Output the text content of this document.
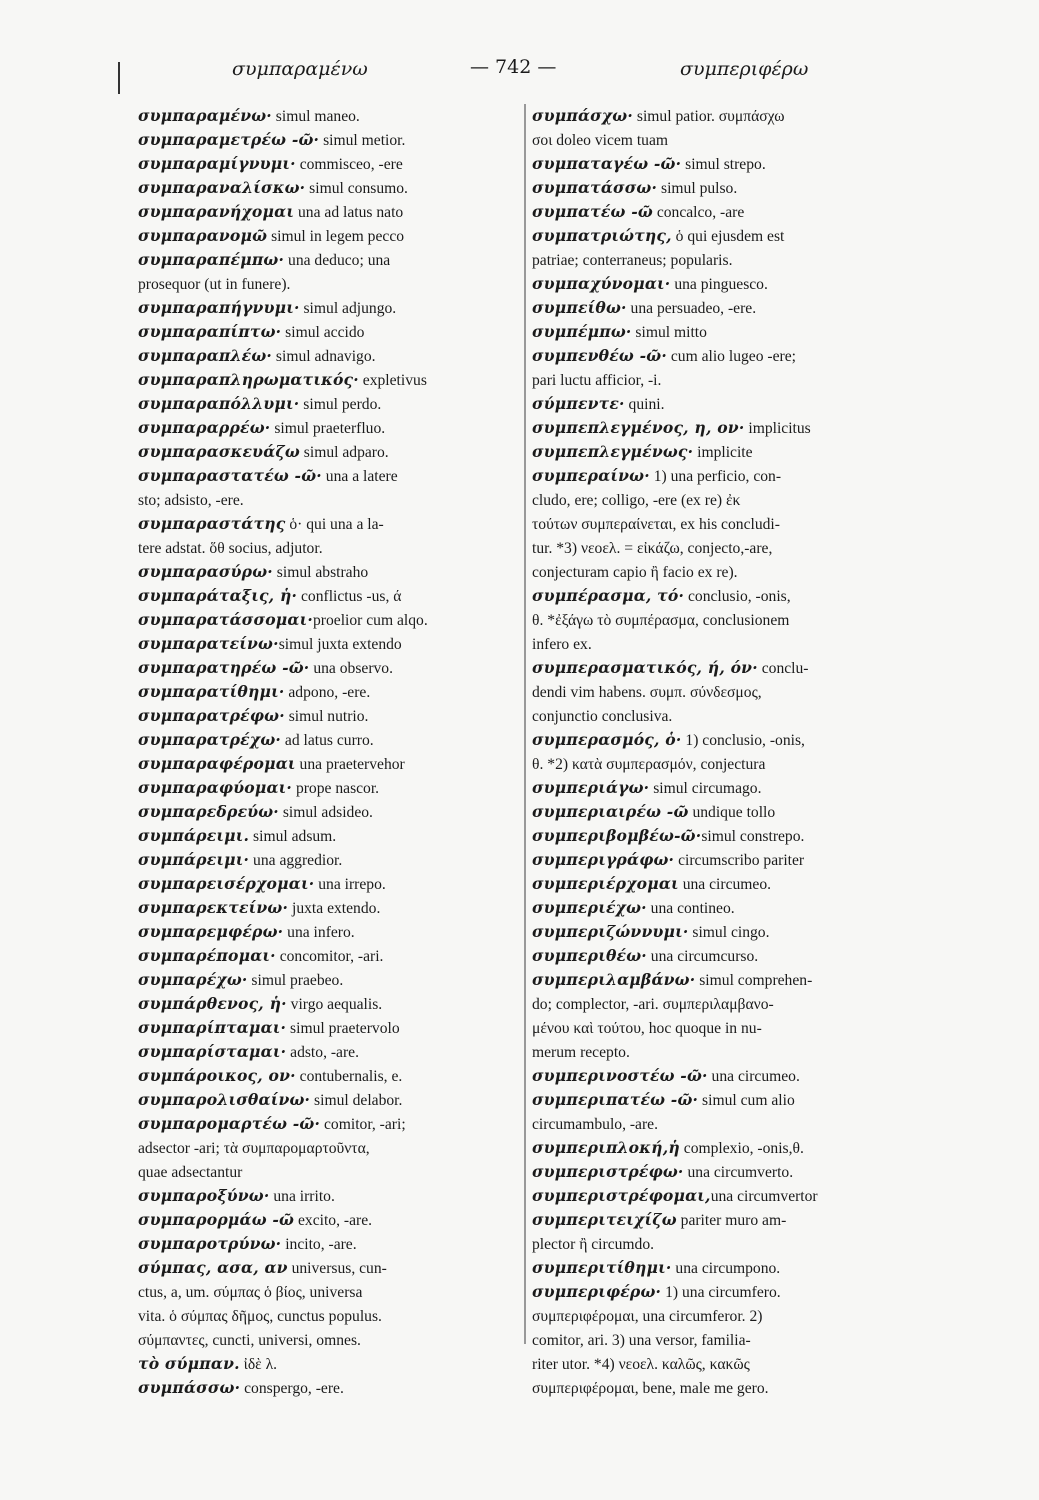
συμπαραμένω	— 742 —	συμπεριφέρω
συμπαραμένω· simul maneo.
συμπαραμετρέω -ῶ· simul metior.
συμπαραμίγνυμι· commisceo, -ere
συμπαραναλίσκω· simul consumo.
συμπαρανήχομαι una ad latus nato
συμπαρανομῶ simul in legem pecco
συμπαραπέμπω· una deduco; una
prosequor (ut in funere).
συμπαραπήγνυμι· simul adjungo.
συμπαραπίπτω· simul accido
συμπαραπλέω· simul adnavigo.
συμπαραπληρωματικός· expletivus
συμπαραπόλλυμι· simul perdo.
συμπαραρρέω· simul praeterfluo.
συμπαρασκευάζω simul adparo.
συμπαραστατέω -ῶ· una a latere
sto; adsisto, -ere.
συμπαραστάτης ὁ· qui una a la-
tere adstat. ὅθ socius, adjutor.
συμπαρασύρω· simul abstraho
συμπαράταξις, ἡ· conflictus -us, ά
συμπαρατάσσομαι·proelior cum alqo.
συμπαρατείνω·simul juxta extendo
συμπαρατηρέω -ῶ· una observo.
συμπαρατίθημι· adpono, -ere.
συμπαρατρέφω· simul nutrio.
συμπαρατρέχω· ad latus curro.
συμπαραφέρομαι una praetervehor
συμπαραφύομαι· prope nascor.
συμπαρεδρεύω· simul adsideo.
συμπάρειμι. simul adsum.
συμπάρειμι· una aggredior.
συμπαρεισέρχομαι· una irrepo.
συμπαρεκτείνω· juxta extendo.
συμπαρεμφέρω· una infero.
συμπαρέπομαι· concomitor, -ari.
συμπαρέχω· simul praebeo.
συμπάρθενος, ἡ· virgo aequalis.
συμπαρίπταμαι· simul praetervolo
συμπαρίσταμαι· adsto, -are.
συμπάροικος, ον· contubernalis, e.
συμπαρολισθαίνω· simul delabor.
συμπαρομαρτέω -ῶ· comitor, -ari;
adsector -ari; τὰ συμπαρομαρτοῦντα,
quae adsectantur
συμπαροξύνω· una irrito.
συμπαρορμάω -ῶ excito, -are.
συμπαροτρύνω· incito, -are.
σύμπας, ασα, αν universus, cun-
ctus, a, um. σύμπας ὁ βίος, universa
vita. ὁ σύμπας δῆμος, cunctus populus.
σύμπαντες, cuncti, universi, omnes.
τὸ σύμπαν. ἰδὲ λ.
συμπάσσω· conspergo, -ere.
συμπάσχω· simul patior. συμπάσχω
σοι doleo vicem tuam
συμπαταγέω -ῶ· simul strepo.
συμπατάσσω· simul pulso.
συμπατέω -ῶ concalco, -are
συμπατριώτης, ὁ qui ejusdem est
patriae; conterraneus; popularis.
συμπαχύνομαι· una pinguesco.
συμπείθω· una persuadeo, -ere.
συμπέμπω· simul mitto
συμπενθέω -ῶ· cum alio lugeo -ere;
pari luctu afficior, -i.
σύμπεντε· quini.
συμπεπλεγμένος, η, ον· implicitus
συμπεπλεγμένως· implicite
συμπεραίνω· 1) una perficio, con-
cludo, ere; colligo, -ere (ex re) ἐκ
τούτων συμπεραίνεται, ex his concludi-
tur. *3) νεοελ. = εἰκάζω, conjecto,-are,
conjecturam capio ἢ facio ex re).
συμπέρασμα, τό· conclusio, -onis,
θ. *ἐξάγω τὸ συμπέρασμα, conclusionem
infero ex.
συμπερασματικός, ή, όν· conclu-
dendi vim habens. συμπ. σύνδεσμος,
conjunctio conclusiva.
συμπερασμός, ὁ· 1) conclusio, -onis,
θ. *2) κατὰ συμπερασμόν, conjectura
συμπεριάγω· simul circumago.
συμπεριαιρέω -ῶ undique tollo
συμπεριβομβέω-ῶ·simul constrepo.
συμπεριγράφω· circumscribo pariter
συμπεριέρχομαι una circumeo.
συμπεριέχω· una contineo.
συμπεριζώννυμι· simul cingo.
συμπεριθέω· una circumcurso.
συμπεριλαμβάνω· simul comprehen-
do; complector, -ari. συμπεριλαμβανο-
μένου καὶ τούτου, hoc quoque in nu-
merum recepto.
συμπερινοστέω -ῶ· una circumeo.
συμπεριπατέω -ῶ· simul cum alio
circumambulo, -are.
συμπεριπλοκή,ἡ complexio, -onis,θ.
συμπεριστρέφω· una circumverto.
συμπεριστρέφομαι,una circumvertor
συμπεριτειχίζω pariter muro am-
plector ἢ circumdo.
συμπεριτίθημι· una circumpono.
συμπεριφέρω· 1) una circumfero.
συμπεριφέρομαι, una circumferor. 2)
comitor, ari. 3) una versor, familia-
riter utor. *4) νεοελ. καλῶς, κακῶς
συμπεριφέρομαι, bene, male me gero.
